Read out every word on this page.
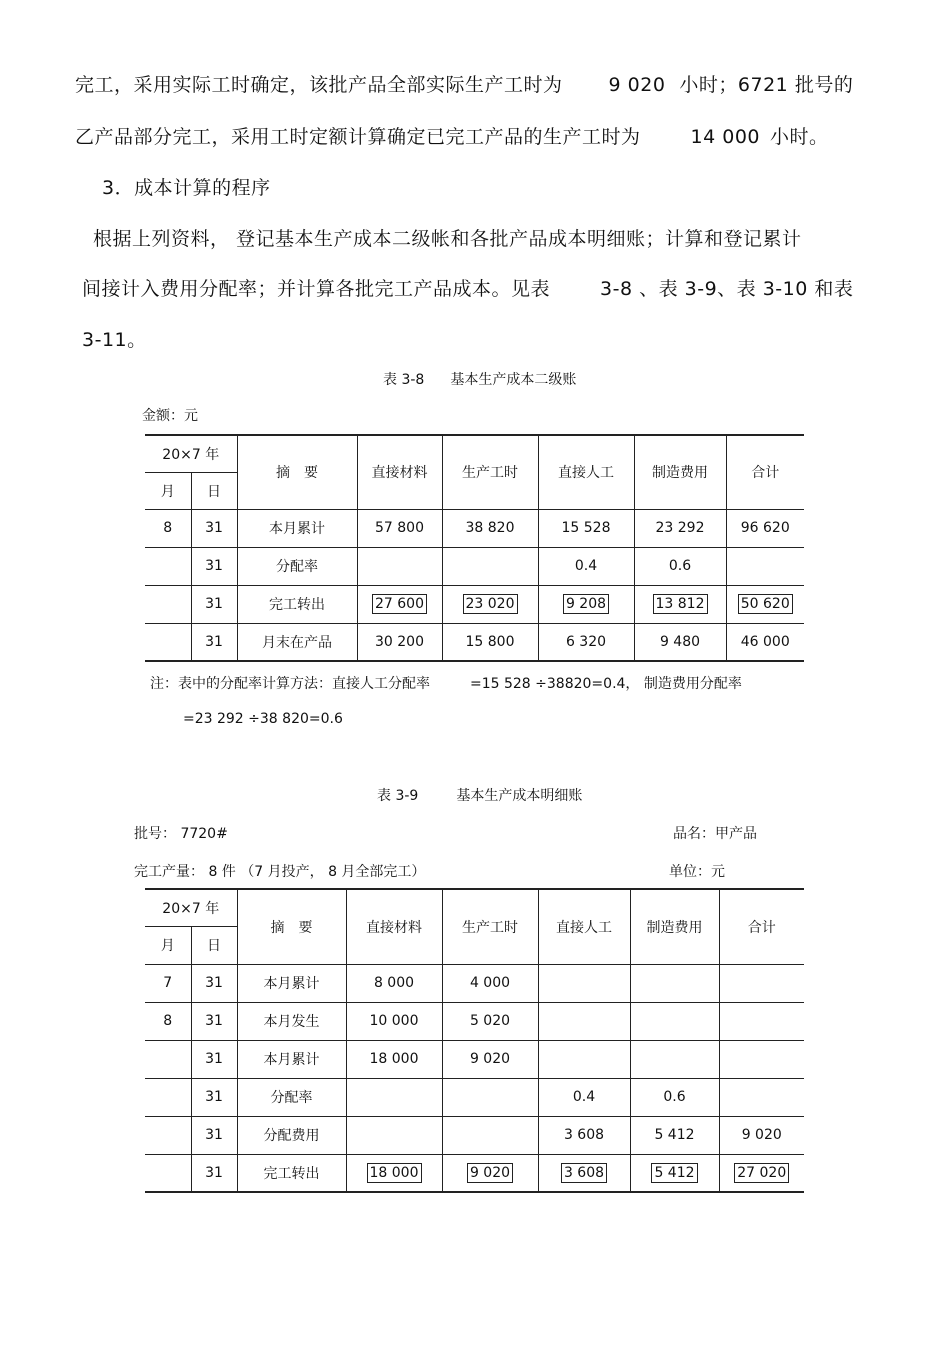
完工，采用实际工时确定，该批产品全部实际生产工时为 9 020 小时；6721 批号的
乙产品部分完工，采用工时定额计算确定已完工产品的生产工时为	14 000 小时。
3．成本计算的程序
根据上列资料， 登记基本生产成本二级帐和各批产品成本明细账；计算和登记累计
间接计入费用分配率；并计算各批完工产品成本。见表	3-8 、表 3-9、表 3-10 和表
3-11。
表 3-8 基本生产成本二级账
金额：元
20×7 年		摘　要	直接材料	生产工时	直接人工	制造费用	合计
月	日						
8	31	本月累计	57 800	38 820	15 528	23 292	96 620
	31	分配率			0.4	0.6	
	31	完工转出	27 600	23 020	9 208	13 812	50 620
	31	月末在产品	30 200	15 800	6 320	9 480	46 000
注：表中的分配率计算方法：直接人工分配率	=15 528 ÷38820=0.4， 制造费用分配率
=23 292 ÷38 820=0.6
表 3-9	基本生产成本明细账
批号： 7720#	品名：甲产品
完工产量： 8 件 （7 月投产， 8 月全部完工）	单位：元
20×7 年		摘　要	直接材料	生产工时	直接人工	制造费用	合计
月	日						
7	31	本月累计	8 000	4 000			
8	31	本月发生	10 000	5 020			
	31	本月累计	18 000	9 020			
	31	分配率			0.4	0.6	
	31	分配费用			3 608	5 412	9 020
	31	完工转出	18 000	9 020	3 608	5 412	27 020
